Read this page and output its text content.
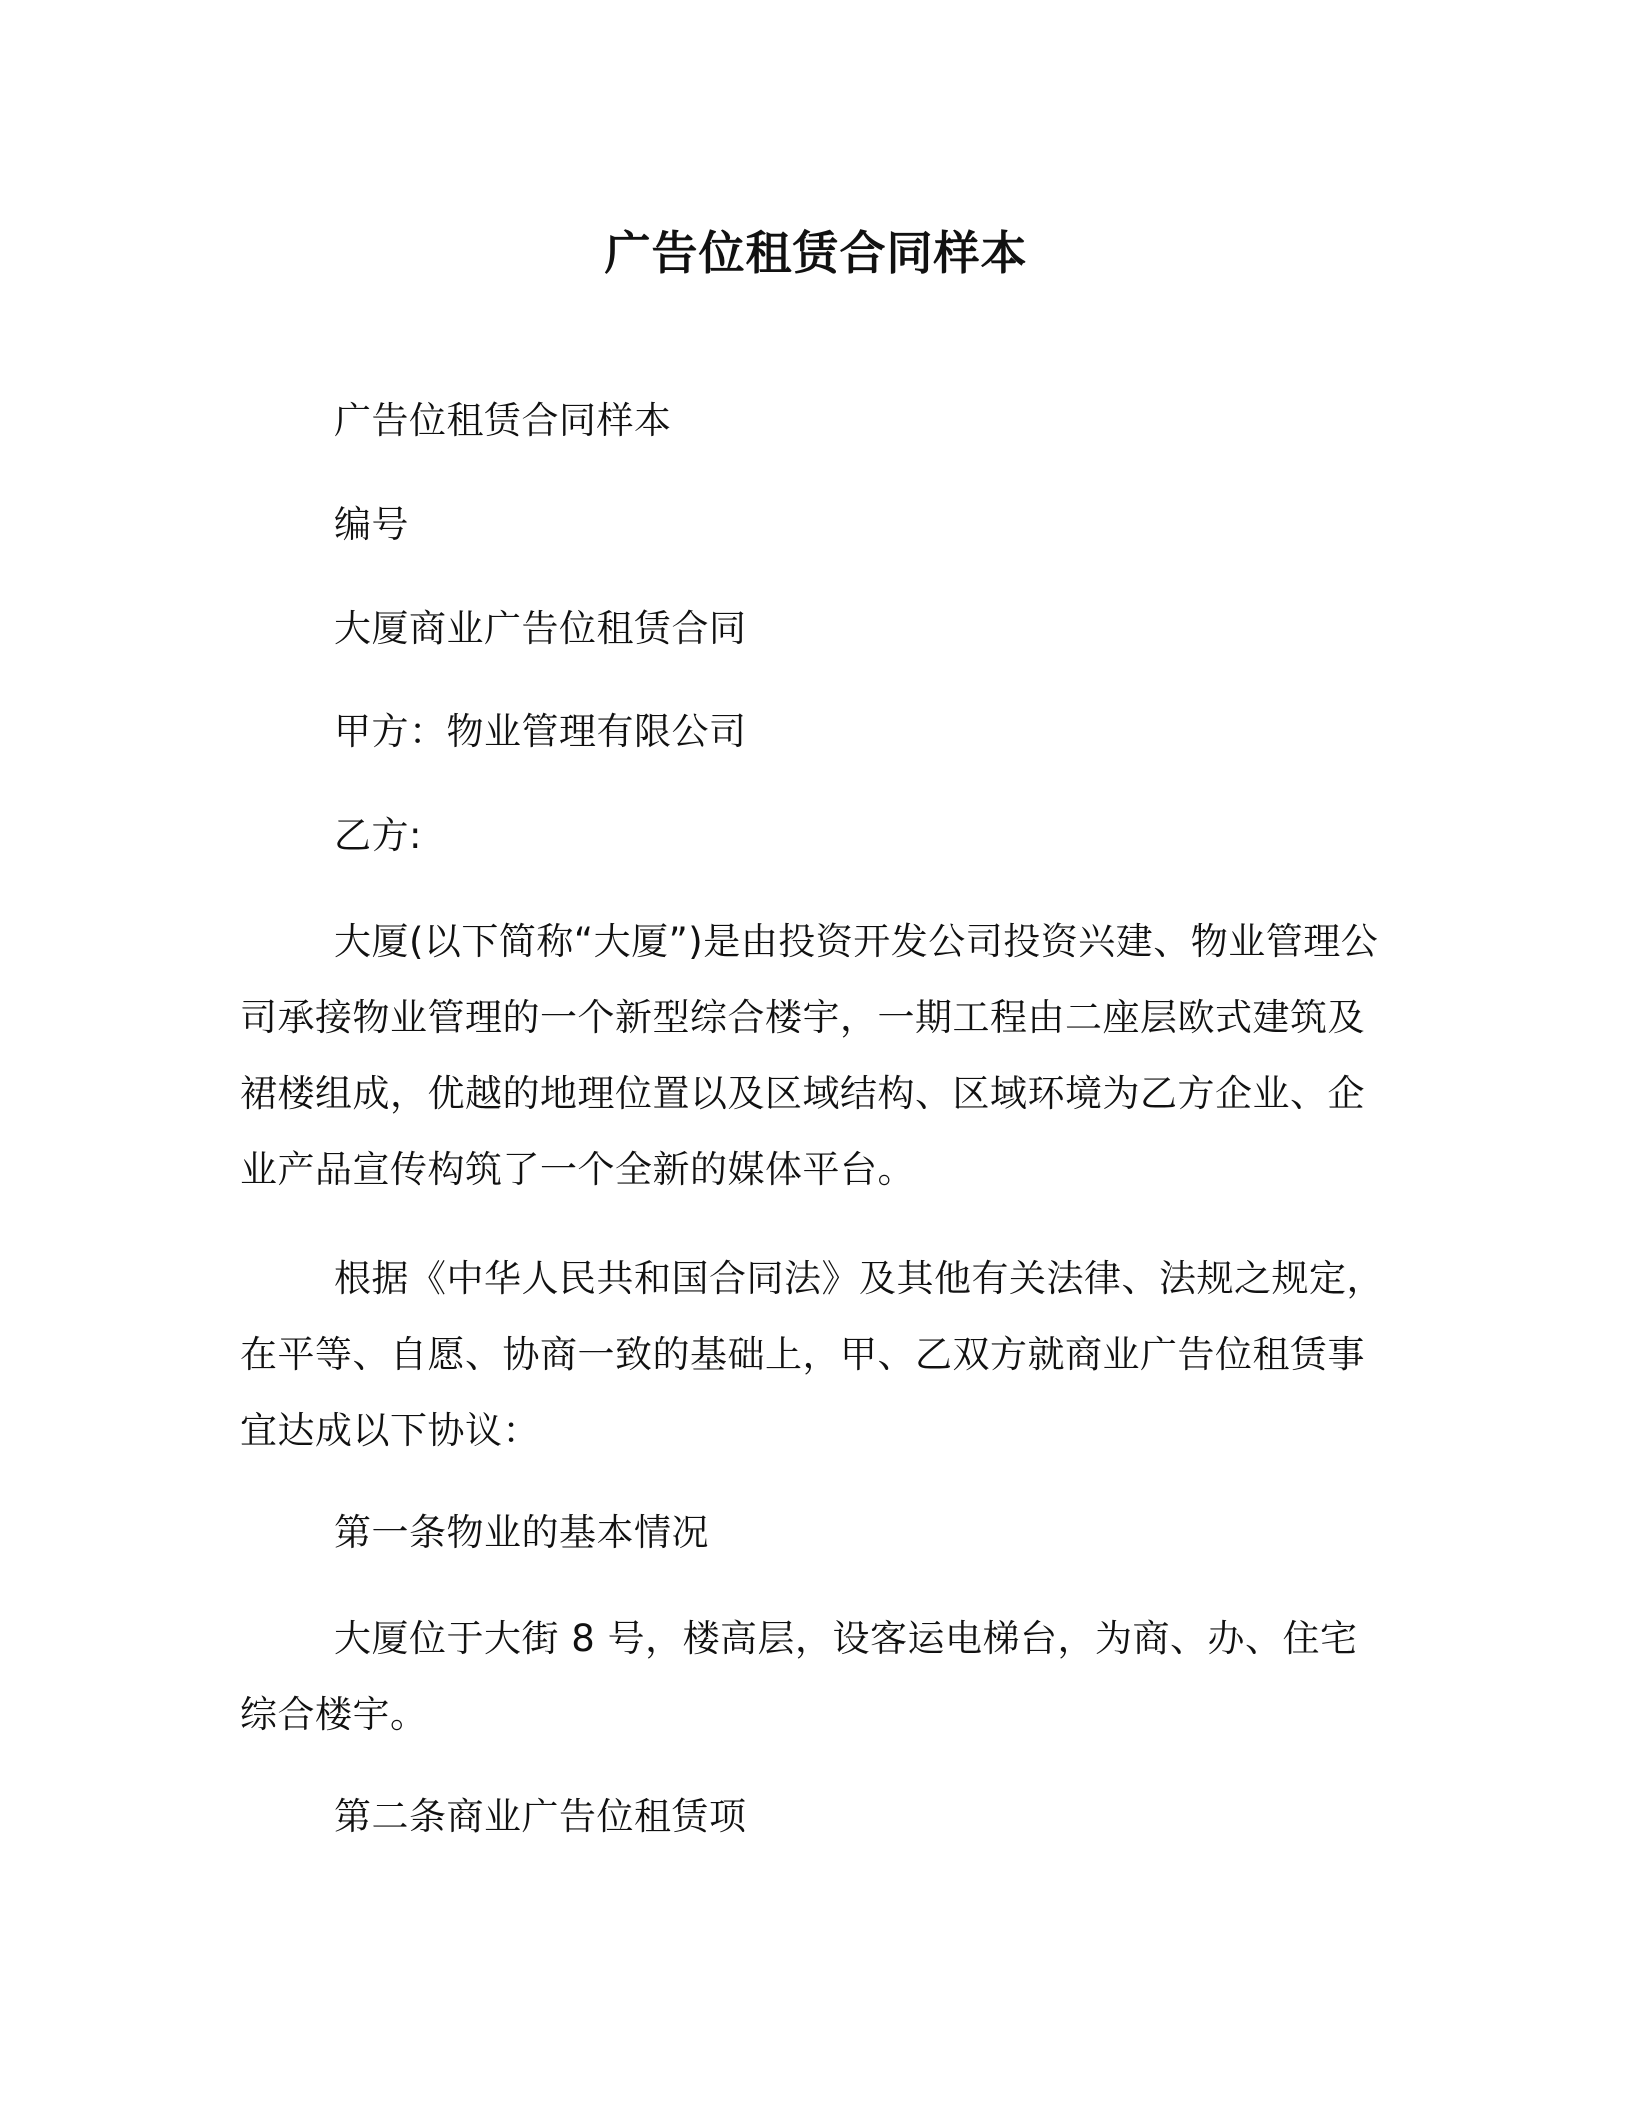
广告位租赁合同样本

广告位租赁合同样本

编号

大厦商业广告位租赁合同

甲方：物业管理有限公司

乙方:

大厦(以下简称“大厦”)是由投资开发公司投资兴建、物业管理公司承接物业管理的一个新型综合楼宇，一期工程由二座层欧式建筑及裙楼组成，优越的地理位置以及区域结构、区域环境为乙方企业、企业产品宣传构筑了一个全新的媒体平台。

根据《中华人民共和国合同法》及其他有关法律、法规之规定，在平等、自愿、协商一致的基础上，甲、乙双方就商业广告位租赁事宜达成以下协议：

第一条物业的基本情况

大厦位于大街 8 号，楼高层，设客运电梯台，为商、办、住宅综合楼宇。

第二条商业广告位租赁项
